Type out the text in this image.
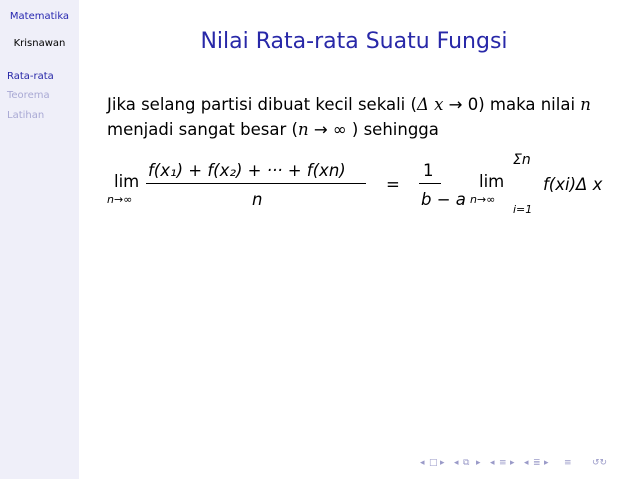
Matematika
Krisnawan
Rata-rata
Teorema
Latihan
Nilai Rata-rata Suatu Fungsi
Jika selang partisi dibuat kecil sekali (Δ x → 0) maka nilai n
menjadi sangat besar (n → ∞ ) sehingga
lim
n→∞
f(x₁) + f(x₂) + ··· + f(xn)
n
=
1
b − a
lim
n→∞
Σn
i=1
f(xi)Δ x
◂ □ ▸ ◂ ⧉ ▸ ◂ ≡ ▸ ◂ ≣ ▸ ≡ ↺↻
